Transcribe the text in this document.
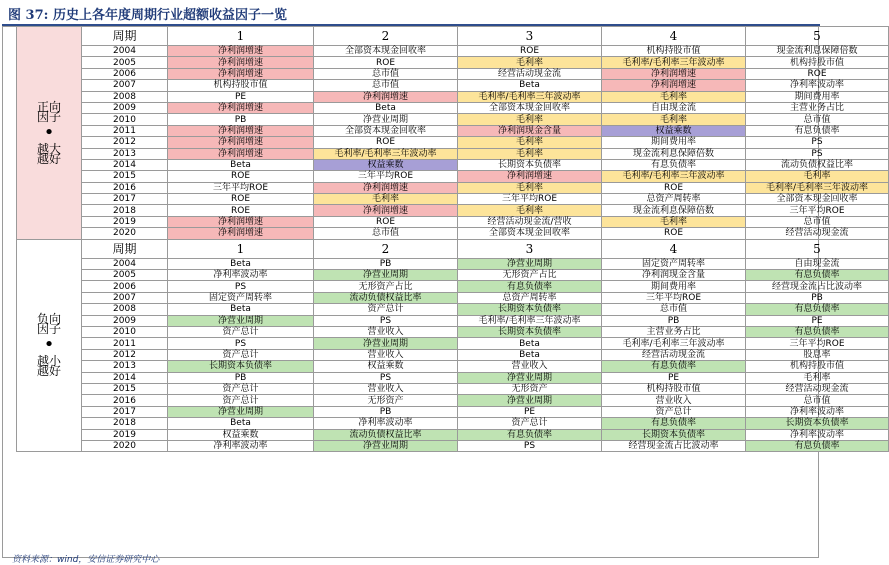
图 37: 历史上各年度周期行业超额收益因子一览
正向
因子
•
越大
越好	周期	1	2	3	4	5
	2004	净利润增速	全部资本现金回收率	ROE	机构持股市值	现金流利息保障倍数
	2005	净利润增速	ROE	毛利率	毛利率/毛利率三年波动率	机构持股市值
	2006	净利润增速	总市值	经营活动现金流	净利润增速	ROE
	2007	机构持股市值	总市值	Beta	净利润增速	净利率波动率
	2008	PE	净利润增速	毛利率/毛利率三年波动率	毛利率	期间费用率
	2009	净利润增速	Beta	全部资本现金回收率	自由现金流	主营业务占比
	2010	PB	净营业周期	毛利率	毛利率	总市值
	2011	净利润增速	全部资本现金回收率	净利润现金含量	权益乘数	有息负债率
	2012	净利润增速	ROE	毛利率	期间费用率	PS
	2013	净利润增速	毛利率/毛利率三年波动率	毛利率	现金流利息保障倍数	PS
	2014	Beta	权益乘数	长期资本负债率	有息负债率	流动负债权益比率
	2015	ROE	三年平均ROE	净利润增速	毛利率/毛利率三年波动率	毛利率
	2016	三年平均ROE	净利润增速	毛利率	ROE	毛利率/毛利率三年波动率
	2017	ROE	毛利率	三年平均ROE	总资产周转率	全部资本现金回收率
	2018	ROE	净利润增速	毛利率	现金流利息保障倍数	三年平均ROE
	2019	净利润增速	ROE	经营活动现金流/营收	毛利率	总市值
	2020	净利润增速	总市值	全部资本现金回收率	ROE	经营活动现金流

负向
因子
•
越小
越好	周期	1	2	3	4	5
	2004	Beta	PB	净营业周期	固定资产周转率	自由现金流
	2005	净利率波动率	净营业周期	无形资产占比	净利润现金含量	有息负债率
	2006	PS	无形资产占比	有息负债率	期间费用率	经营现金流占比波动率
	2007	固定资产周转率	流动负债权益比率	总资产周转率	三年平均ROE	PB
	2008	Beta	资产总计	长期资本负债率	总市值	有息负债率
	2009	净营业周期	PS	毛利率/毛利率三年波动率	PB	PE
	2010	资产总计	营业收入	长期资本负债率	主营业务占比	有息负债率
	2011	PS	净营业周期	Beta	毛利率/毛利率三年波动率	三年平均ROE
	2012	资产总计	营业收入	Beta	经营活动现金流	股息率
	2013	长期资本负债率	权益乘数	营业收入	有息负债率	机构持股市值
	2014	PB	PS	净营业周期	PE	毛利率
	2015	资产总计	营业收入	无形资产	机构持股市值	经营活动现金流
	2016	资产总计	无形资产	净营业周期	营业收入	总市值
	2017	净营业周期	PB	PE	资产总计	净利率波动率
	2018	Beta	净利率波动率	资产总计	有息负债率	长期资本负债率
	2019	权益乘数	流动负债权益比率	有息负债率	长期资本负债率	净利率波动率
	2020	净利率波动率	净营业周期	PS	经营现金流占比波动率	有息负债率
资料来源：wind，安信证券研究中心
